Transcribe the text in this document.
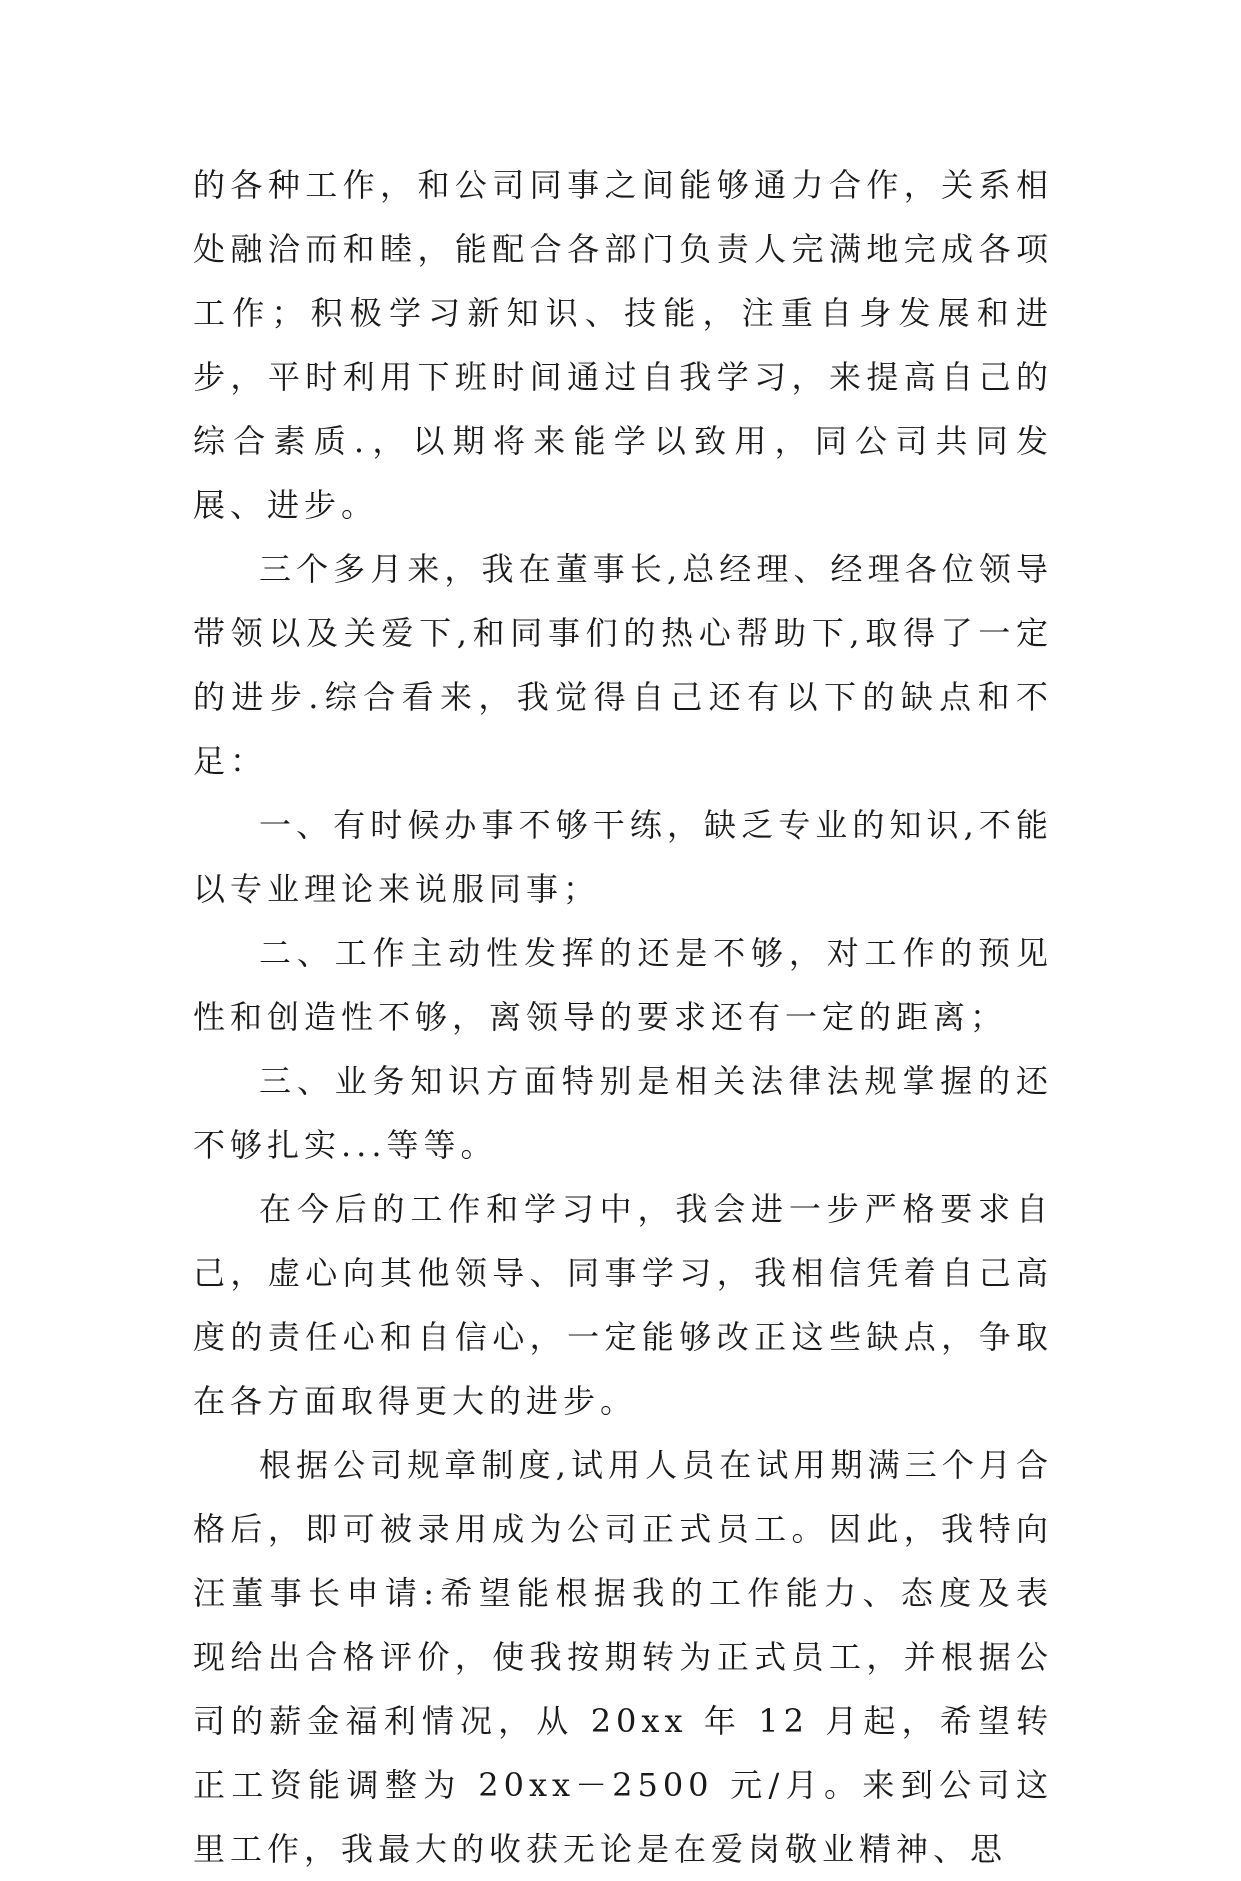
的各种工作，和公司同事之间能够通力合作，关系相处融洽而和睦，能配合各部门负责人完满地完成各项工作；积极学习新知识、技能，注重自身发展和进步，平时利用下班时间通过自我学习，来提高自己的综合素质.，以期将来能学以致用，同公司共同发展、进步。

三个多月来，我在董事长,总经理、经理各位领导带领以及关爱下,和同事们的热心帮助下,取得了一定的进步.综合看来，我觉得自己还有以下的缺点和不足：

一、有时候办事不够干练，缺乏专业的知识,不能以专业理论来说服同事；

二、工作主动性发挥的还是不够，对工作的预见性和创造性不够，离领导的要求还有一定的距离；

三、业务知识方面特别是相关法律法规掌握的还不够扎实...等等。

在今后的工作和学习中，我会进一步严格要求自己，虚心向其他领导、同事学习，我相信凭着自己高度的责任心和自信心，一定能够改正这些缺点，争取在各方面取得更大的进步。

根据公司规章制度,试用人员在试用期满三个月合格后，即可被录用成为公司正式员工。因此，我特向汪董事长申请:希望能根据我的工作能力、态度及表现给出合格评价，使我按期转为正式员工，并根据公司的薪金福利情况，从 20xx 年 12 月起，希望转正工资能调整为 20xx－2500 元/月。来到公司这里工作，我最大的收获无论是在爱岗敬业精神、思
